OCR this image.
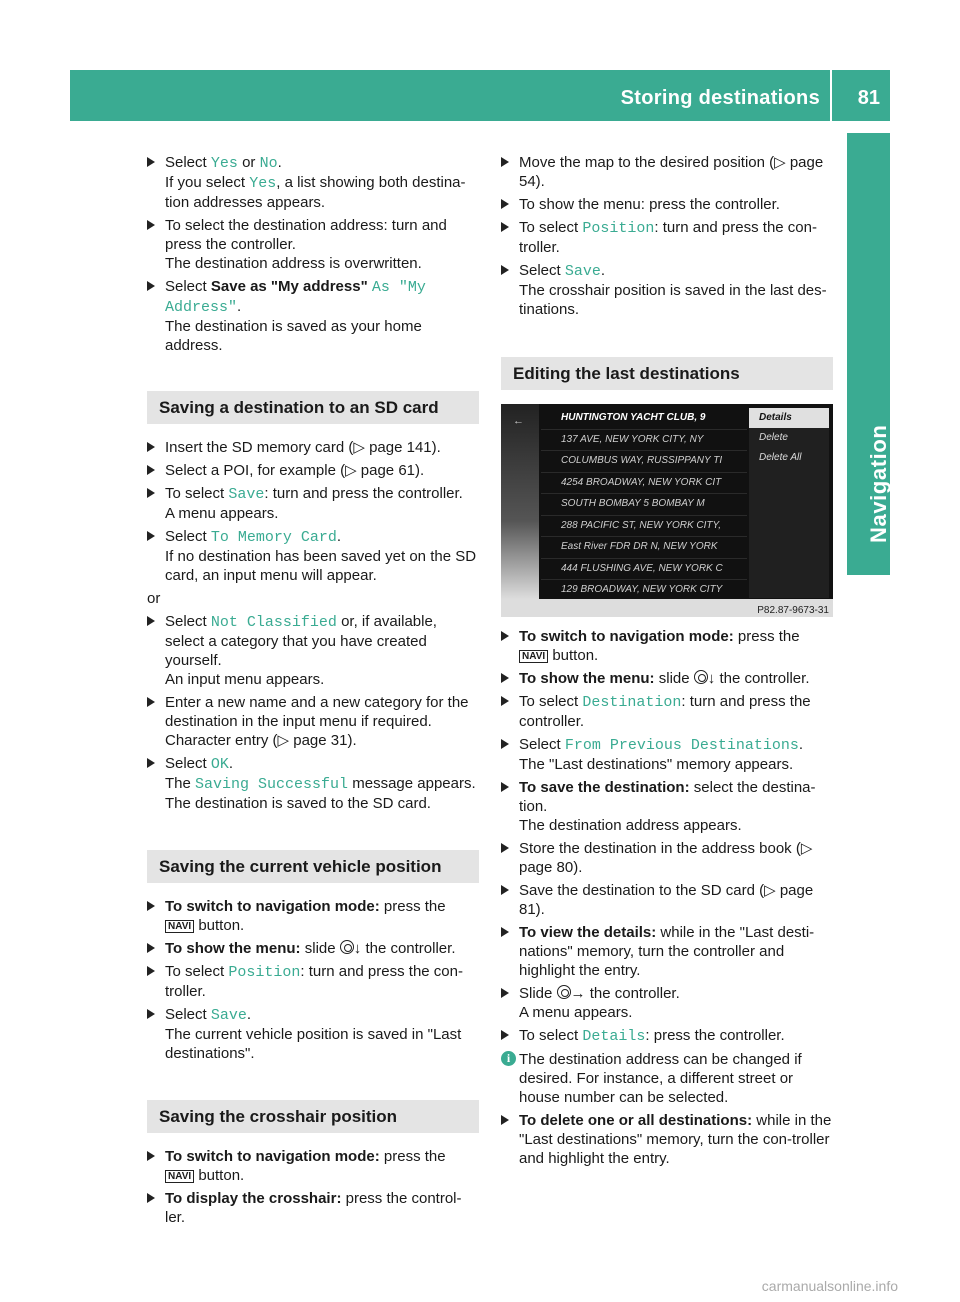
Storing destinations 81
Navigation
Select Yes or No.
If you select Yes, a list showing both destina-tion addresses appears.
To select the destination address: turn and press the controller.
The destination address is overwritten.
Select Save as "My address" As "My Address".
The destination is saved as your home address.
Saving a destination to an SD card
Insert the SD memory card (▷ page 141).
Select a POI, for example (▷ page 61).
To select Save: turn and press the controller.
A menu appears.
Select To Memory Card.
If no destination has been saved yet on the SD card, an input menu will appear.
or
Select Not Classified or, if available, select a category that you have created yourself.
An input menu appears.
Enter a new name and a new category for the destination in the input menu if required.
Character entry (▷ page 31).
Select OK.
The Saving Successful message appears.
The destination is saved to the SD card.
Saving the current vehicle position
To switch to navigation mode: press the
NAVI button.
To show the menu: slide ↓ the controller.
To select Position: turn and press the con-troller.
Select Save.
The current vehicle position is saved in "Last destinations".
Saving the crosshair position
To switch to navigation mode: press the
NAVI button.
To display the crosshair: press the control-ler.
Move the map to the desired position (▷ page 54).
To show the menu: press the controller.
To select Position: turn and press the con-troller.
Select Save.
The crosshair position is saved in the last des-tinations.
Editing the last destinations
←	HUNTINGTON YACHT CLUB, 9
137 AVE, NEW YORK CITY, NY
COLUMBUS WAY, RUSSIPPANY TI
4254 BROADWAY, NEW YORK CIT
SOUTH BOMBAY 5 BOMBAY M
288 PACIFIC ST, NEW YORK CITY,
East River FDR DR N, NEW YORK
444 FLUSHING AVE, NEW YORK C
129 BROADWAY, NEW YORK CITY
Details
Delete
Delete All
P82.87-9673-31
To switch to navigation mode: press the
NAVI button.
To show the menu: slide ↓ the controller.
To select Destination: turn and press the controller.
Select From Previous Destinations.
The "Last destinations" memory appears.
To save the destination: select the destina-tion.
The destination address appears.
Store the destination in the address book (▷ page 80).
Save the destination to the SD card (▷ page 81).
To view the details: while in the "Last desti-nations" memory, turn the controller and highlight the entry.
Slide → the controller.
A menu appears.
To select Details: press the controller.
i The destination address can be changed if desired. For instance, a different street or house number can be selected.
To delete one or all destinations: while in the "Last destinations" memory, turn the con-troller and highlight the entry.
carmanualsonline.info
